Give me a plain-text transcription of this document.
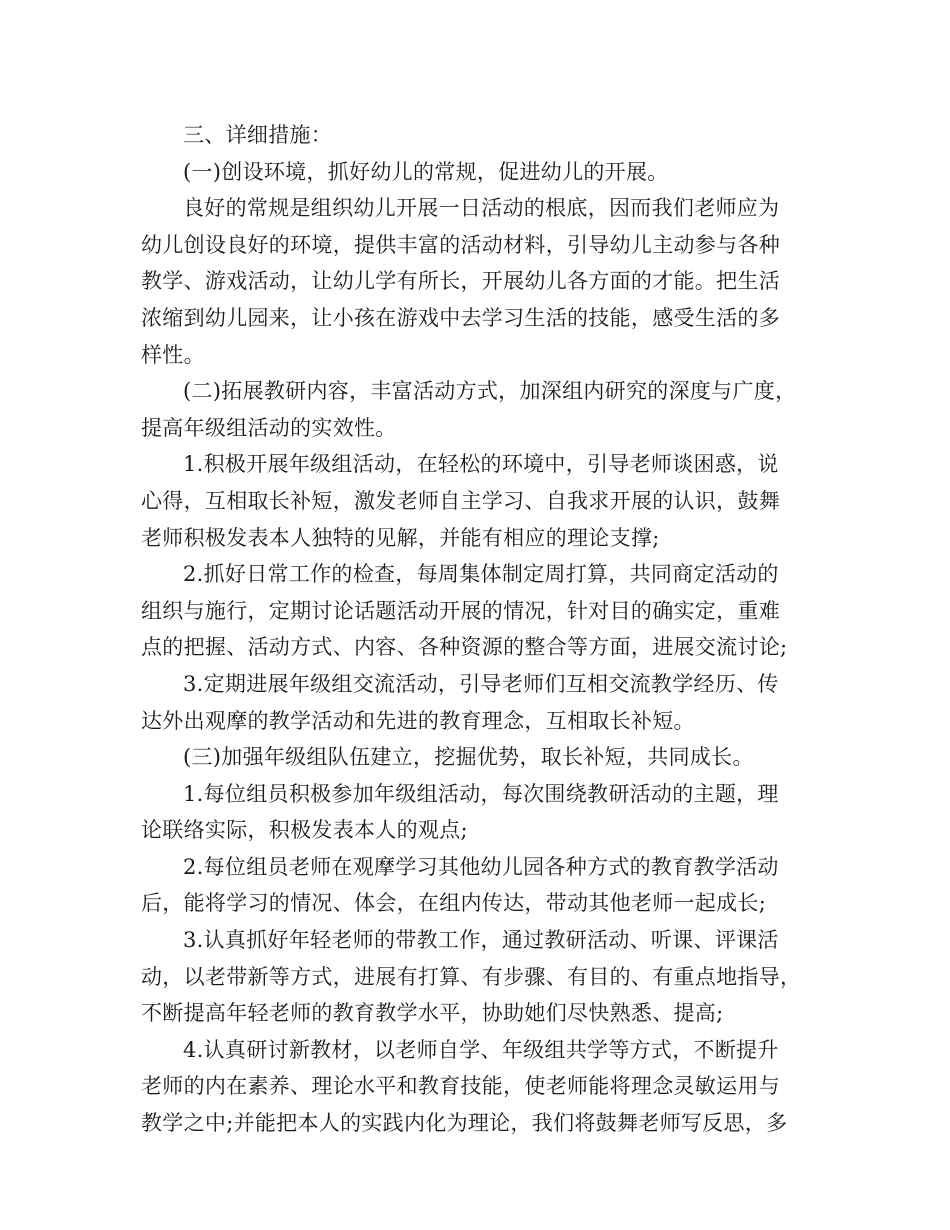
三、详细措施：
(一)创设环境，抓好幼儿的常规，促进幼儿的开展。
良好的常规是组织幼儿开展一日活动的根底，因而我们老师应为
幼儿创设良好的环境，提供丰富的活动材料，引导幼儿主动参与各种
教学、游戏活动，让幼儿学有所长，开展幼儿各方面的才能。把生活
浓缩到幼儿园来，让小孩在游戏中去学习生活的技能，感受生活的多
样性。
(二)拓展教研内容，丰富活动方式，加深组内研究的深度与广度，
提高年级组活动的实效性。
1.积极开展年级组活动，在轻松的环境中，引导老师谈困惑，说
心得，互相取长补短，激发老师自主学习、自我求开展的认识，鼓舞
老师积极发表本人独特的见解，并能有相应的理论支撑;
2.抓好日常工作的检查，每周集体制定周打算，共同商定活动的
组织与施行，定期讨论话题活动开展的情况，针对目的确实定，重难
点的把握、活动方式、内容、各种资源的整合等方面，进展交流讨论;
3.定期进展年级组交流活动，引导老师们互相交流教学经历、传
达外出观摩的教学活动和先进的教育理念，互相取长补短。
(三)加强年级组队伍建立，挖掘优势，取长补短，共同成长。
1.每位组员积极参加年级组活动，每次围绕教研活动的主题，理
论联络实际，积极发表本人的观点;
2.每位组员老师在观摩学习其他幼儿园各种方式的教育教学活动
后，能将学习的情况、体会，在组内传达，带动其他老师一起成长;
3.认真抓好年轻老师的带教工作，通过教研活动、听课、评课活
动，以老带新等方式，进展有打算、有步骤、有目的、有重点地指导，
不断提高年轻老师的教育教学水平，协助她们尽快熟悉、提高;
4.认真研讨新教材，以老师自学、年级组共学等方式，不断提升
老师的内在素养、理论水平和教育技能，使老师能将理念灵敏运用与
教学之中;并能把本人的实践内化为理论，我们将鼓舞老师写反思，多
